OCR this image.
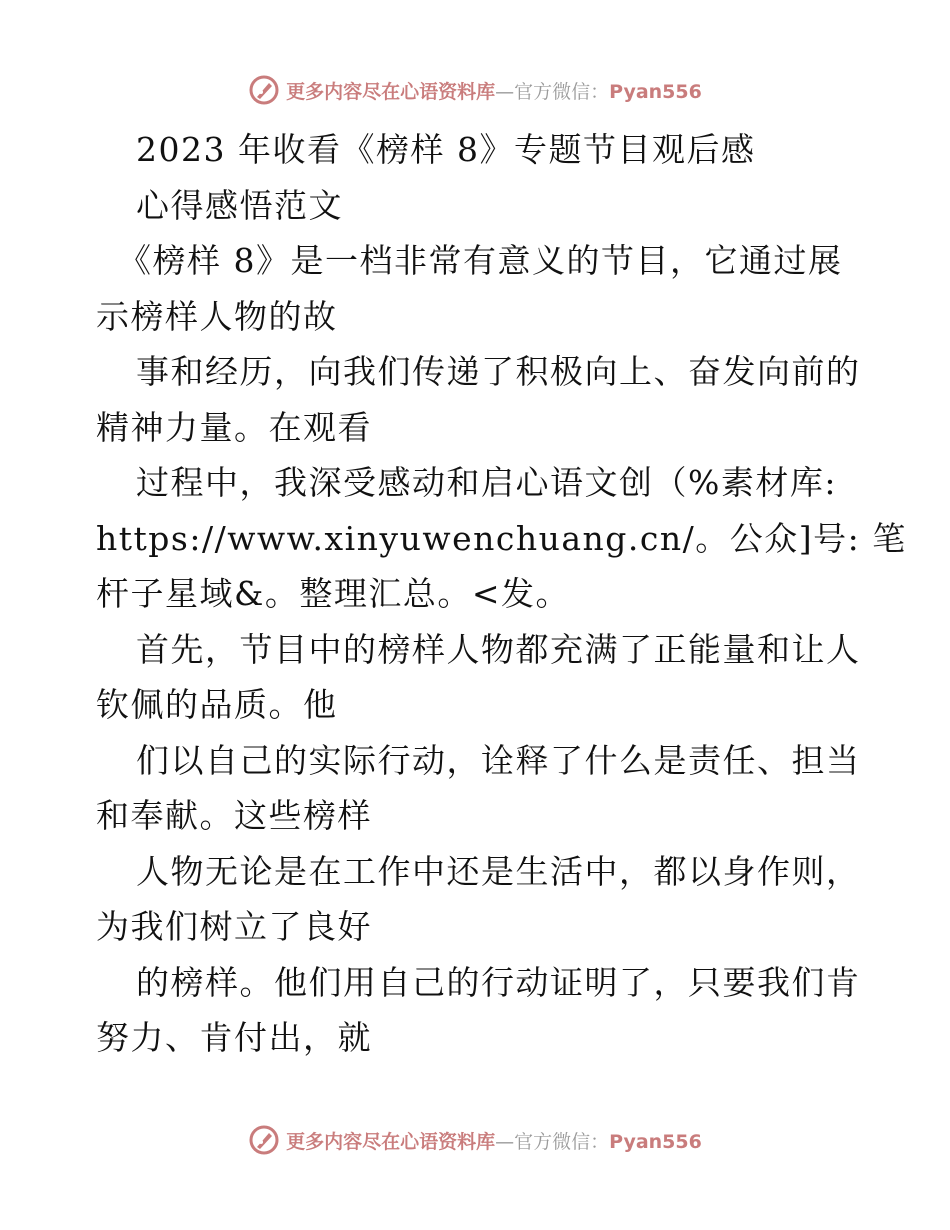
更多内容尽在心语资料库—官方微信：Pyan556
2023 年收看《榜样 8》专题节目观后感
心得感悟范文
《榜样 8》是一档非常有意义的节目，它通过展
示榜样人物的故
事和经历，向我们传递了积极向上、奋发向前的
精神力量。在观看
过程中，我深受感动和启心语文创（%素材库:
https://www.xinyuwenchuang.cn/。公众]号: 笔
杆子星域&。整理汇总。<发。
首先，节目中的榜样人物都充满了正能量和让人
钦佩的品质。他
们以自己的实际行动，诠释了什么是责任、担当
和奉献。这些榜样
人物无论是在工作中还是生活中，都以身作则，
为我们树立了良好
的榜样。他们用自己的行动证明了，只要我们肯
努力、肯付出，就
更多内容尽在心语资料库—官方微信：Pyan556
